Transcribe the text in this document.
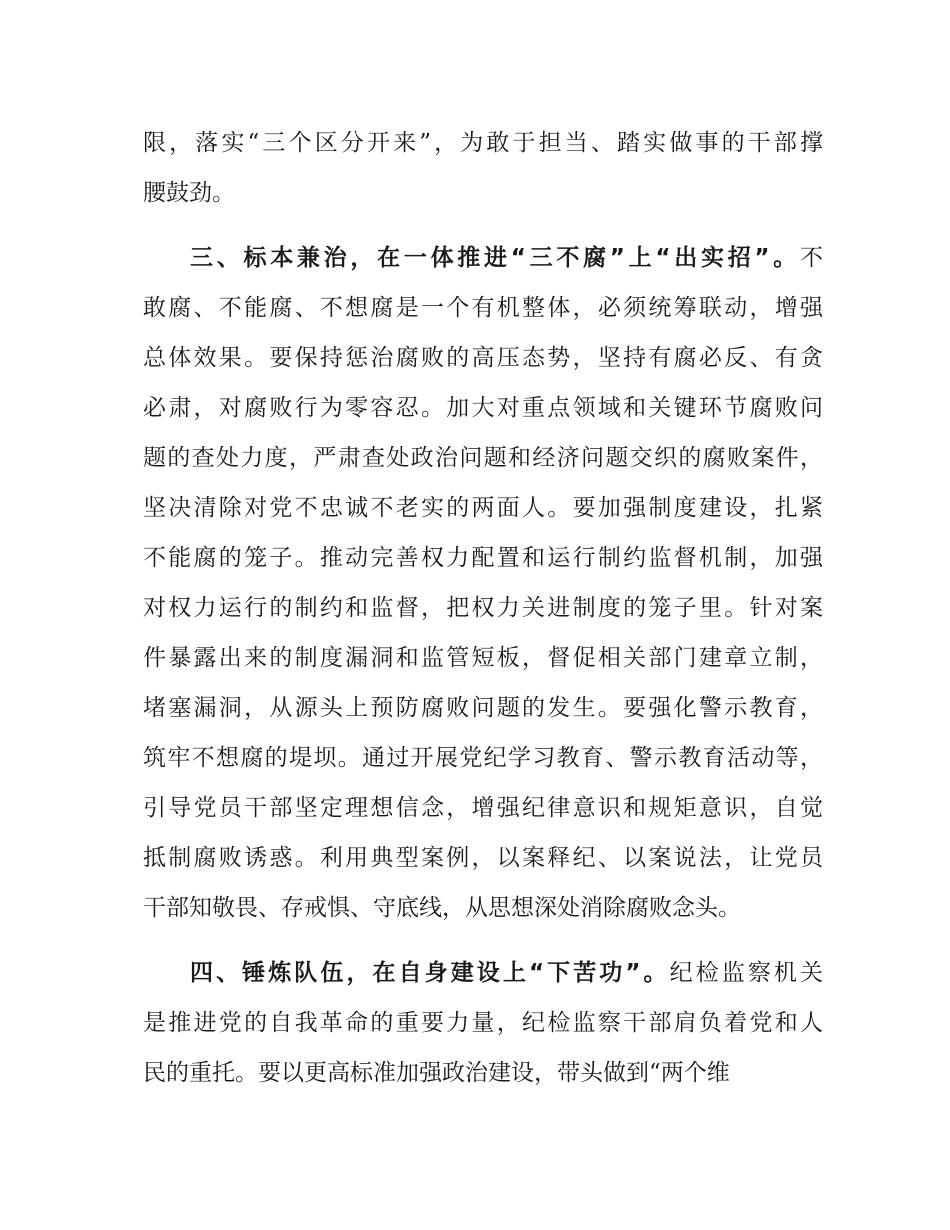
限，落实“三个区分开来”，为敢于担当、踏实做事的干部撑
腰鼓劲。
三、标本兼治，在一体推进“三不腐”上“出实招”。不
敢腐、不能腐、不想腐是一个有机整体，必须统筹联动，增强
总体效果。要保持惩治腐败的高压态势，坚持有腐必反、有贪
必肃，对腐败行为零容忍。加大对重点领域和关键环节腐败问
题的查处力度，严肃查处政治问题和经济问题交织的腐败案件，
坚决清除对党不忠诚不老实的两面人。要加强制度建设，扎紧
不能腐的笼子。推动完善权力配置和运行制约监督机制，加强
对权力运行的制约和监督，把权力关进制度的笼子里。针对案
件暴露出来的制度漏洞和监管短板，督促相关部门建章立制，
堵塞漏洞，从源头上预防腐败问题的发生。要强化警示教育，
筑牢不想腐的堤坝。通过开展党纪学习教育、警示教育活动等，
引导党员干部坚定理想信念，增强纪律意识和规矩意识，自觉
抵制腐败诱惑。利用典型案例，以案释纪、以案说法，让党员
干部知敬畏、存戒惧、守底线，从思想深处消除腐败念头。
四、锤炼队伍，在自身建设上“下苦功”。纪检监察机关
是推进党的自我革命的重要力量，纪检监察干部肩负着党和人
民的重托。要以更高标准加强政治建设，带头做到“两个维
